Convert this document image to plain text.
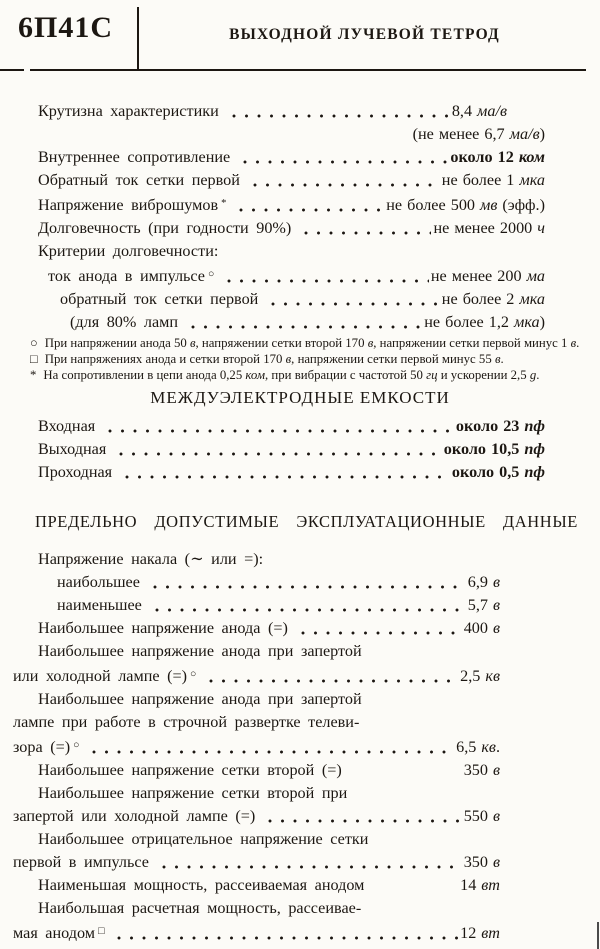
6П41С	ВЫХОДНОЙ ЛУЧЕВОЙ ТЕТРОД
Крутизна характеристики	8,4 ма/в
(не менее 6,7 ма/в)
Внутреннее сопротивление	около 12 ком
Обратный ток сетки первой	не более 1 мка
Напряжение виброшумов *	не более 500 мв (эфф.)
Долговечность (при годности 90%)	не менее 2000 ч
Критерии долговечности:
ток анода в импульсе ○	не менее 200 ма
обратный ток сетки первой	не более 2 мка
(для 80% ламп	не более 1,2 мка)

○ При напряжении анода 50 в, напряжении сетки второй 170 в, напряжении сетки первой минус 1 в.

□ При напряжениях анода и сетки второй 170 в, напряжении сетки первой минус 55 в.

* На сопротивлении в цепи анода 0,25 ком, при вибрации с частотой 50 гц и ускорении 2,5 g.

МЕЖДУЭЛЕКТРОДНЫЕ ЕМКОСТИ
Входная	около 23 пф
Выходная	около 10,5 пф
Проходная	около 0,5 пф
ПРЕДЕЛЬНО ДОПУСТИМЫЕ ЭКСПЛУАТАЦИОННЫЕ ДАННЫЕ
Напряжение накала (∼ или =):
наибольшее	6,9 в
наименьшее	5,7 в
Наибольшее напряжение анода (=)	400 в
Наибольшее напряжение анода при запертой
или холодной лампе (=) ○	2,5 кв
Наибольшее напряжение анода при запертой
лампе при работе в строчной развертке телеви-
зора (=) ○	6,5 кв.
Наибольшее напряжение сетки второй (=)	350 в
Наибольшее напряжение сетки второй при
запертой или холодной лампе (=)	550 в
Наибольшее отрицательное напряжение сетки
первой в импульсе	350 в
Наименьшая мощность, рассеиваемая анодом	14 вт
Наибольшая расчетная мощность, рассеивае-
мая анодом □	12 вт
